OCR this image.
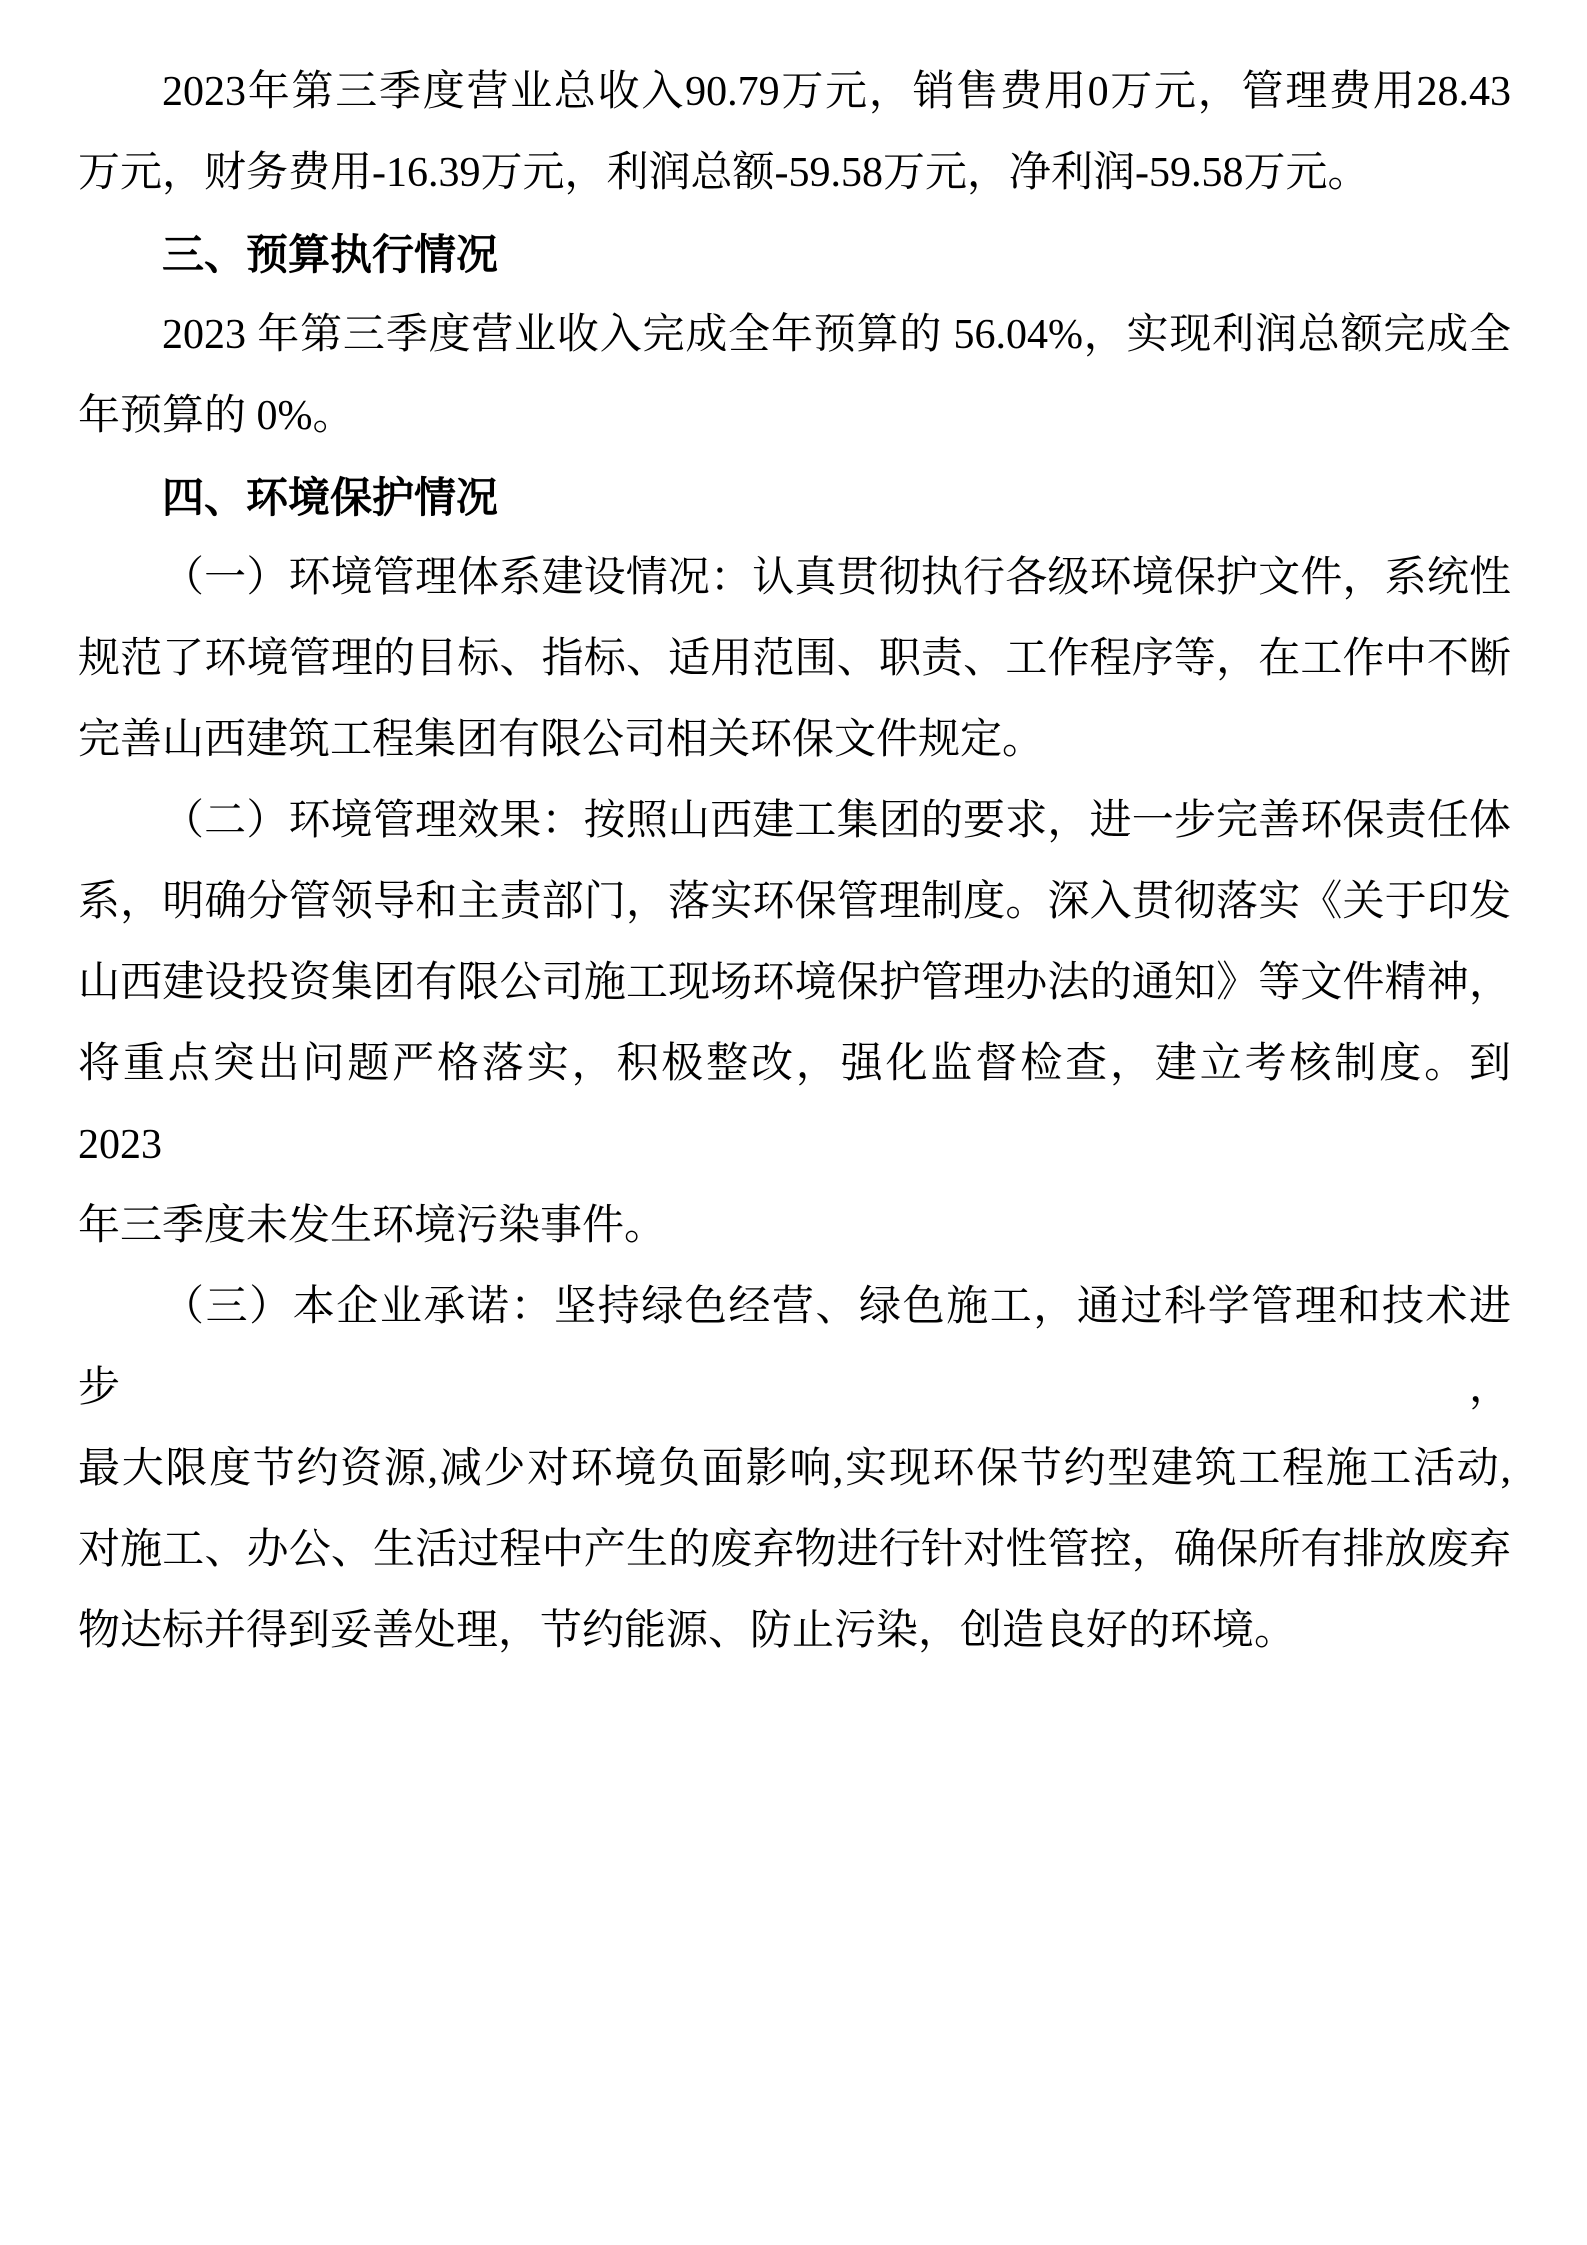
2023年第三季度营业总收入90.79万元，销售费用0万元，管理费用28.43
万元，财务费用-16.39万元，利润总额-59.58万元，净利润-59.58万元。
三、预算执行情况
2023 年第三季度营业收入完成全年预算的 56.04%，实现利润总额完成全
年预算的 0%。
四、环境保护情况
（一）环境管理体系建设情况：认真贯彻执行各级环境保护文件，系统性
规范了环境管理的目标、指标、适用范围、职责、工作程序等，在工作中不断
完善山西建筑工程集团有限公司相关环保文件规定。
（二）环境管理效果：按照山西建工集团的要求，进一步完善环保责任体
系，明确分管领导和主责部门，落实环保管理制度。深入贯彻落实《关于印发
山西建设投资集团有限公司施工现场环境保护管理办法的通知》等文件精神，
将重点突出问题严格落实，积极整改，强化监督检查，建立考核制度。到 2023
年三季度未发生环境污染事件。
（三）本企业承诺：坚持绿色经营、绿色施工，通过科学管理和技术进步，
最大限度节约资源,减少对环境负面影响,实现环保节约型建筑工程施工活动,
对施工、办公、生活过程中产生的废弃物进行针对性管控，确保所有排放废弃
物达标并得到妥善处理，节约能源、防止污染，创造良好的环境。
